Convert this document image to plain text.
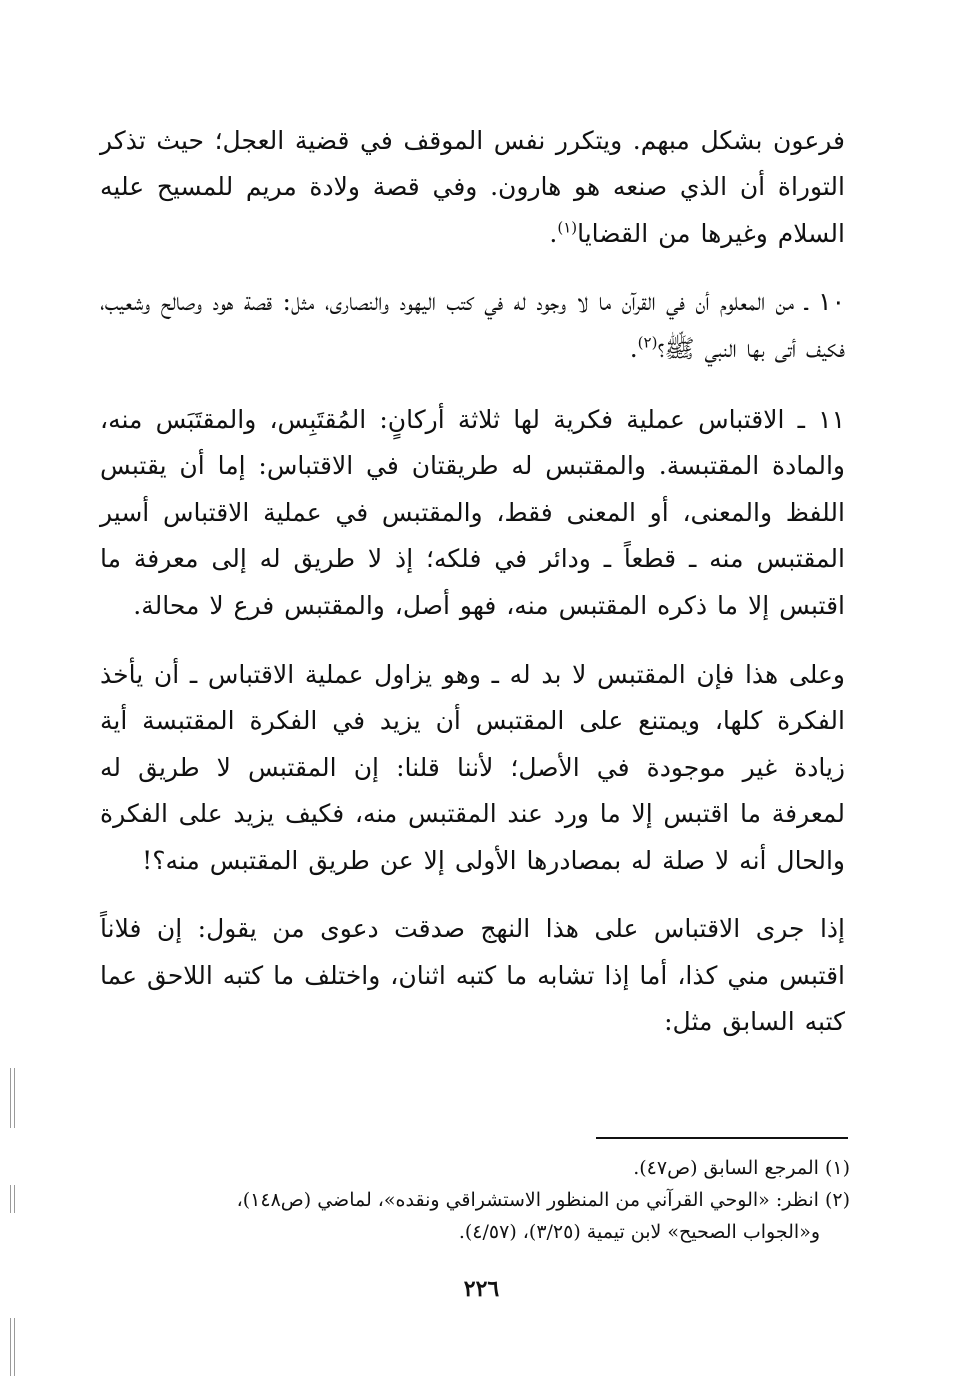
فرعون بشكل مبهم. ويتكرر نفس الموقف في قضية العجل؛ حيث تذكر التوراة أن الذي صنعه هو هارون. وفي قصة ولادة مريم للمسيح عليه السلام وغيرها من القضايا$^{(١)}$.

١٠ ـ من المعلوم أن في القرآن ما لا وجود له في كتب اليهود والنصارى، مثل: قصة هود وصالح وشعيب، فكيف أتى بها النبي ﷺ؟$^{(٢)}$.

١١ ـ الاقتباس عملية فكرية لها ثلاثة أركانٍ: المُقتَبِس، والمقتَبَس منه، والمادة المقتبسة. والمقتبس له طريقتان في الاقتباس: إما أن يقتبس اللفظ والمعنى، أو المعنى فقط، والمقتبس في عملية الاقتباس أسير المقتبس منه ـ قطعاً ـ ودائر في فلكه؛ إذ لا طريق له إلى معرفة ما اقتبس إلا ما ذكره المقتبس منه، فهو أصل، والمقتبس فرع لا محالة.

وعلى هذا فإن المقتبس لا بد له ـ وهو يزاول عملية الاقتباس ـ أن يأخذ الفكرة كلها، ويمتنع على المقتبس أن يزيد في الفكرة المقتبسة أية زيادة غير موجودة في الأصل؛ لأننا قلنا: إن المقتبس لا طريق له لمعرفة ما اقتبس إلا ما ورد عند المقتبس منه، فكيف يزيد على الفكرة والحال أنه لا صلة له بمصادرها الأولى إلا عن طريق المقتبس منه؟!

إذا جرى الاقتباس على هذا النهج صدقت دعوى من يقول: إن فلاناً اقتبس مني كذا، أما إذا تشابه ما كتبه اثنان، واختلف ما كتبه اللاحق عما كتبه السابق مثل:

(١) المرجع السابق (ص٤٧).

(٢) انظر: «الوحي القرآني من المنظور الاستشراقي ونقده»، لماضي (ص١٤٨)،
و«الجواب الصحيح» لابن تيمية (٣/٢٥)، (٤/٥٧).

٢٢٦
